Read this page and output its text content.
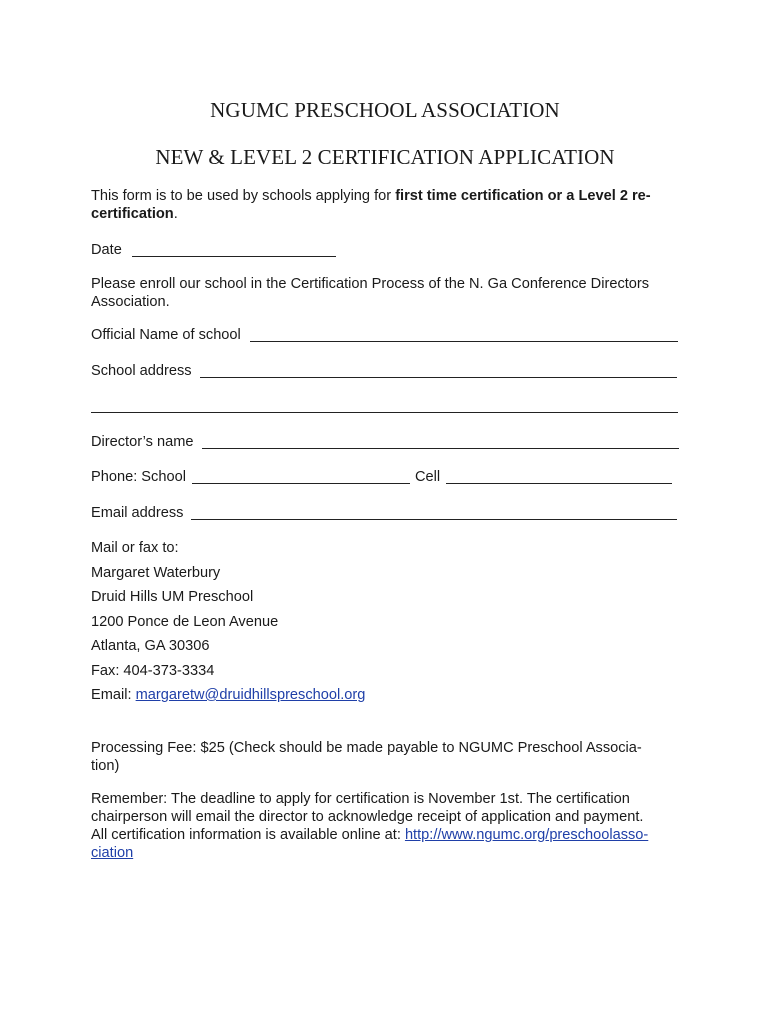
NGUMC PRESCHOOL ASSOCIATION
NEW & LEVEL 2 CERTIFICATION APPLICATION
This form is to be used by schools applying for first time certification or a Level 2 re-
certification.
Date
Please enroll our school in the Certification Process of the N. Ga Conference Directors
Association.
Official Name of school
School address
Director’s name
Phone: School	Cell
Email address
Mail or fax to:
Margaret Waterbury
Druid Hills UM Preschool
1200 Ponce de Leon Avenue
Atlanta, GA 30306
Fax: 404-373-3334
Email: margaretw@druidhillspreschool.org
Processing Fee: $25 (Check should be made payable to NGUMC Preschool Associa-
tion)
Remember: The deadline to apply for certification is November 1st. The certification
chairperson will email the director to acknowledge receipt of application and payment.
All certification information is available online at: http://www.ngumc.org/preschoolasso-
ciation
